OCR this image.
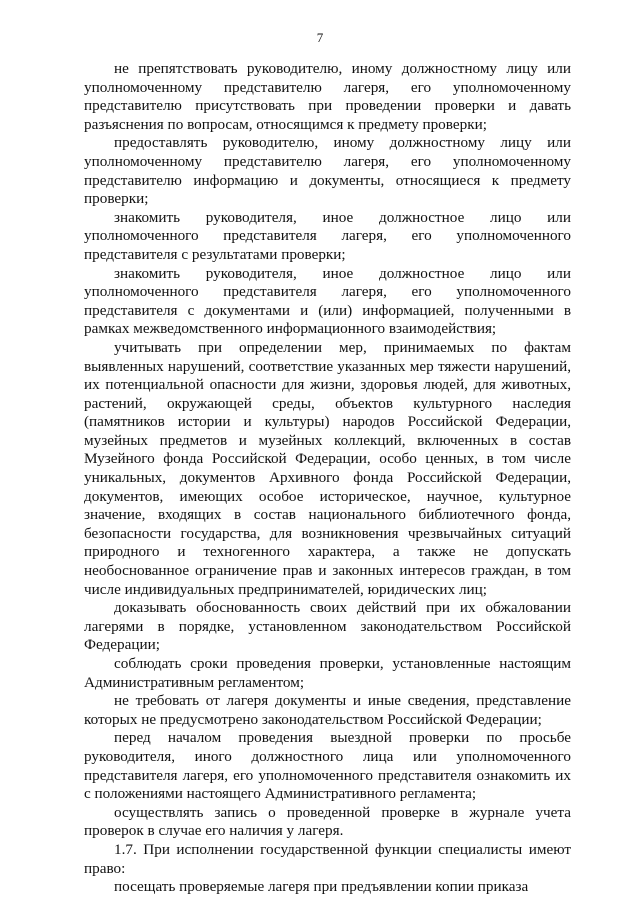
7

не препятствовать руководителю, иному должностному лицу или уполномоченному представителю лагеря, его уполномоченному представителю присутствовать при проведении проверки и давать разъяснения по вопросам, относящимся к предмету проверки;

предоставлять руководителю, иному должностному лицу или уполномоченному представителю лагеря, его уполномоченному представителю информацию и документы, относящиеся к предмету проверки;

знакомить руководителя, иное должностное лицо или уполномоченного представителя лагеря, его уполномоченного представителя с результатами проверки;

знакомить руководителя, иное должностное лицо или уполномоченного представителя лагеря, его уполномоченного представителя с документами и (или) информацией, полученными в рамках межведомственного информационного взаимодействия;

учитывать при определении мер, принимаемых по фактам выявленных нарушений, соответствие указанных мер тяжести нарушений, их потенциальной опасности для жизни, здоровья людей, для животных, растений, окружающей среды, объектов культурного наследия (памятников истории и культуры) народов Российской Федерации, музейных предметов и музейных коллекций, включенных в состав Музейного фонда Российской Федерации, особо ценных, в том числе уникальных, документов Архивного фонда Российской Федерации, документов, имеющих особое историческое, научное, культурное значение, входящих в состав национального библиотечного фонда, безопасности государства, для возникновения чрезвычайных ситуаций природного и техногенного характера, а также не допускать необоснованное ограничение прав и законных интересов граждан, в том числе индивидуальных предпринимателей, юридических лиц;

доказывать обоснованность своих действий при их обжаловании лагерями в порядке, установленном законодательством Российской Федерации;

соблюдать сроки проведения проверки, установленные настоящим Административным регламентом;

не требовать от лагеря документы и иные сведения, представление которых не предусмотрено законодательством Российской Федерации;

перед началом проведения выездной проверки по просьбе руководителя, иного должностного лица или уполномоченного представителя лагеря, его уполномоченного представителя ознакомить их с положениями настоящего Административного регламента;

осуществлять запись о проведенной проверке в журнале учета проверок в случае его наличия у лагеря.

1.7. При исполнении государственной функции специалисты имеют право:

посещать проверяемые лагеря при предъявлении копии приказа
